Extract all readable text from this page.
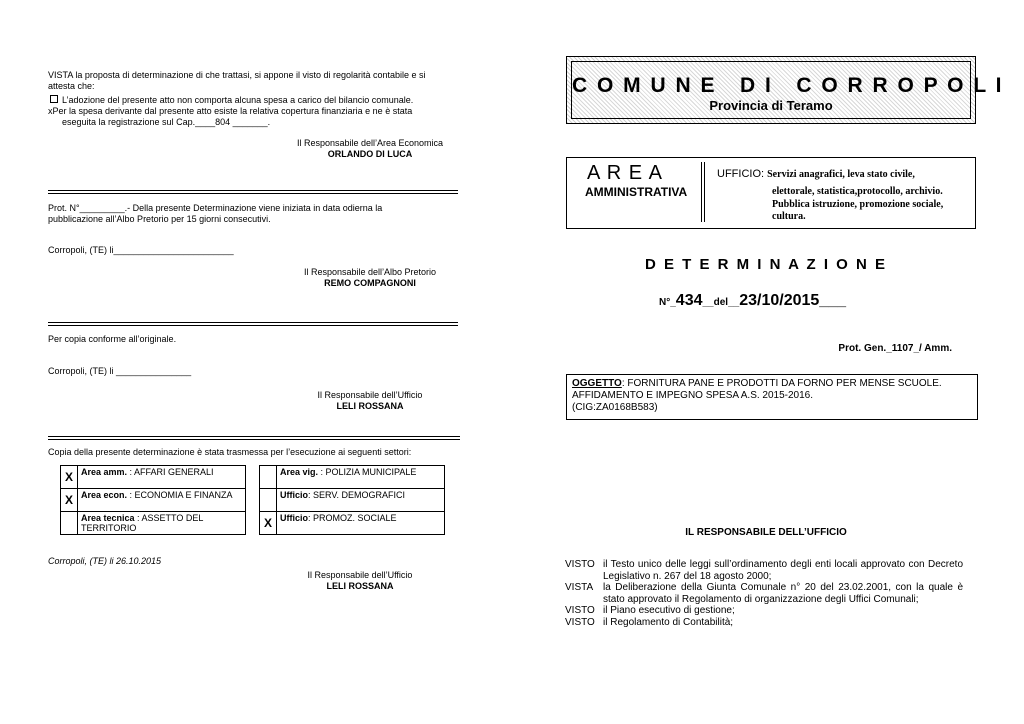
VISTA la proposta di determinazione di che trattasi, si appone il visto di regolarità contabile e si attesta che:
L’adozione del presente atto non comporta alcuna spesa a carico del bilancio comunale.
xPer la spesa derivante dal presente atto esiste la relativa copertura finanziaria e ne è stata
eseguita la registrazione sul Cap.____804 _______.
Il Responsabile dell’Area Economica
ORLANDO DI LUCA
Prot. N°_________.- Della presente Determinazione viene iniziata in data odierna la
pubblicazione all’Albo Pretorio per 15 giorni consecutivi.
Corropoli, (TE) li________________________
Il Responsabile dell’Albo Pretorio
REMO COMPAGNONI
Per copia conforme all’originale.
Corropoli, (TE) li _______________
Il Responsabile dell’Ufficio
LELI ROSSANA
Copia della presente determinazione è stata trasmessa per l’esecuzione ai seguenti settori:
X	Area amm. : AFFARI GENERALI
X	Area econ. : ECONOMIA E FINANZA
	Area tecnica : ASSETTO DEL TERRITORIO
	Area vig. : POLIZIA MUNICIPALE
	Ufficio: SERV. DEMOGRAFICI
X	Ufficio: PROMOZ. SOCIALE
Corropoli, (TE) li 26.10.2015
Il Responsabile dell’Ufficio
LELI ROSSANA
C O M U N E   D I   C O R R O P O L I
Provincia di Teramo
A R E A
AMMINISTRATIVA
UFFICIO: Servizi anagrafici, leva stato civile,
elettorale, statistica,protocollo, archivio.
Pubblica istruzione, promozione sociale,
cultura.
D E T E R M I N A Z I O N E
N°_434__del__23/10/2015___
Prot. Gen._1107_/ Amm.
OGGETTO: FORNITURA PANE E PRODOTTI DA FORNO PER MENSE SCUOLE.
AFFIDAMENTO E IMPEGNO SPESA A.S. 2015-2016.
(CIG:ZA0168B583)
IL RESPONSABILE DELL’UFFICIO
VISTO il Testo unico delle leggi sull’ordinamento degli enti locali approvato con Decreto Legislativo n. 267 del 18 agosto 2000;
VISTA la Deliberazione della Giunta Comunale n° 20 del 23.02.2001, con la quale è stato approvato il Regolamento di organizzazione degli Uffici Comunali;
VISTO il Piano esecutivo di gestione;
VISTO il Regolamento di Contabilità;
